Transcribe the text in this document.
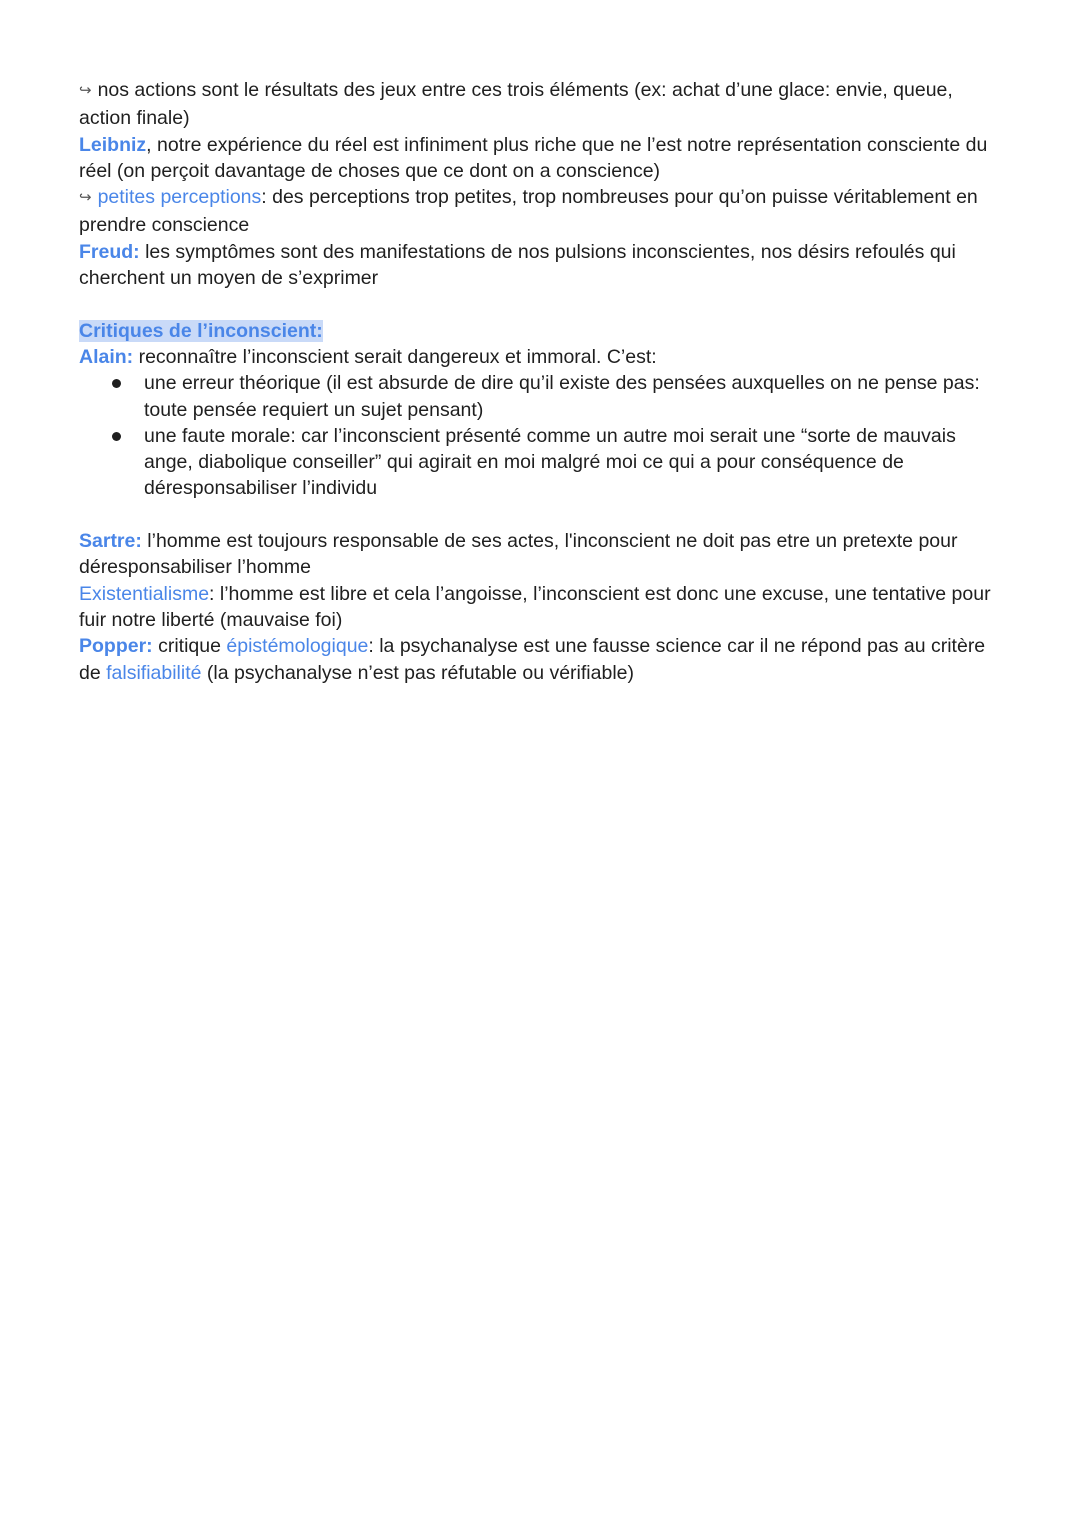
↪ nos actions sont le résultats des jeux entre ces trois éléments (ex: achat d’une glace: envie, queue, action finale)

Leibniz, notre expérience du réel est infiniment plus riche que ne l’est notre représentation consciente du réel (on perçoit davantage de choses que ce dont on a conscience)

↪ petites perceptions: des perceptions trop petites, trop nombreuses pour qu’on puisse véritablement en prendre conscience

Freud: les symptômes sont des manifestations de nos pulsions inconscientes, nos désirs refoulés qui cherchent un moyen de s’exprimer

Critiques de l’inconscient:

Alain: reconnaître l’inconscient serait dangereux et immoral. C’est:

une erreur théorique (il est absurde de dire qu’il existe des pensées auxquelles on ne pense pas: toute pensée requiert un sujet pensant)
une faute morale: car l’inconscient présenté comme un autre moi serait une “sorte de mauvais ange, diabolique conseiller” qui agirait en moi malgré moi ce qui a pour conséquence de déresponsabiliser l’individu

Sartre: l’homme est toujours responsable de ses actes, l'inconscient ne doit pas etre un pretexte pour déresponsabiliser l’homme

Existentialisme: l’homme est libre et cela l’angoisse, l’inconscient est donc une excuse, une tentative pour fuir notre liberté (mauvaise foi)

Popper: critique épistémologique: la psychanalyse est une fausse science car il ne répond pas au critère de falsifiabilité (la psychanalyse n’est pas réfutable ou vérifiable)
